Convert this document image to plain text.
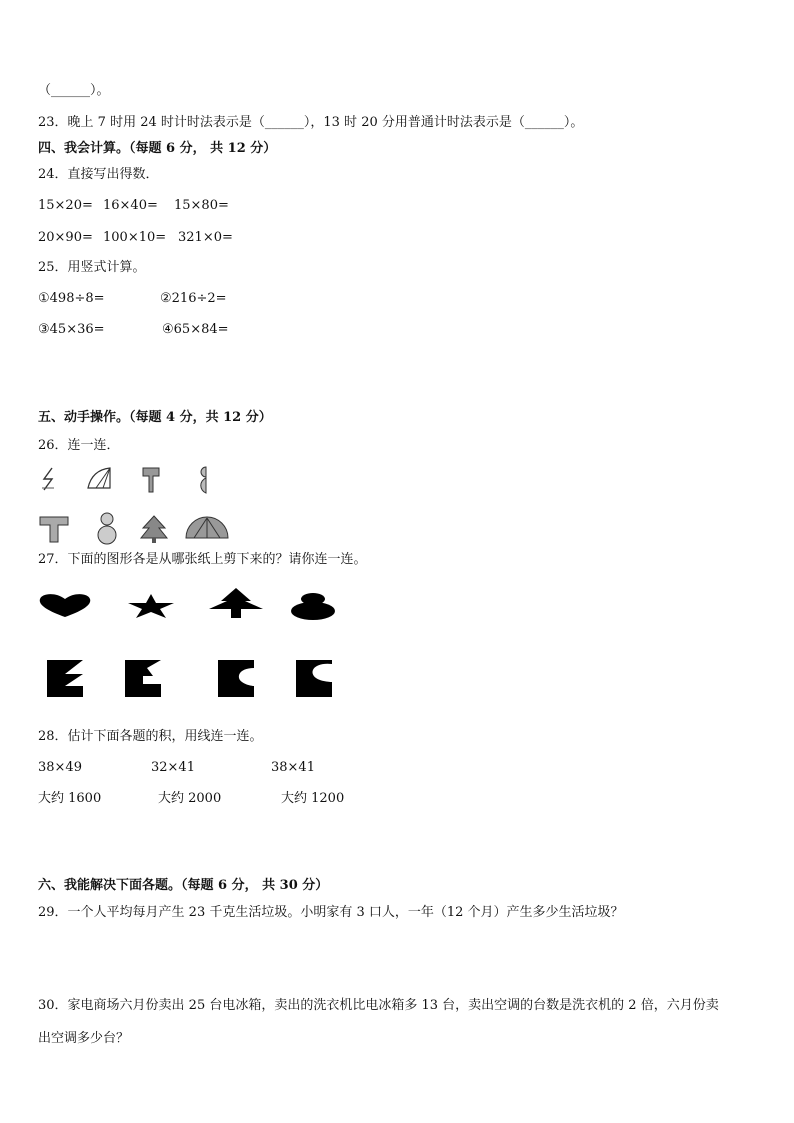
（______）。
23．晚上 7 时用 24 时计时法表示是（______），13 时 20 分用普通计时法表示是（______）。
四、我会计算。（每题 6 分， 共 12 分）
24．直接写出得数．
15×20= 16×40= 15×80=
20×90= 100×10= 321×0=
25．用竖式计算。
①498÷8=	②216÷2=
③45×36=	④65×84=
五、动手操作。（每题 4 分，共 12 分）
26．连一连．
27．下面的图形各是从哪张纸上剪下来的？请你连一连。
28．估计下面各题的积，用线连一连。
38×49	32×41	38×41
大约 1600	大约 2000	大约 1200
六、我能解决下面各题。（每题 6 分， 共 30 分）
29．一个人平均每月产生 23 千克生活垃圾。小明家有 3 口人，一年（12 个月）产生多少生活垃圾？
30．家电商场六月份卖出 25 台电冰箱，卖出的洗衣机比电冰箱多 13 台，卖出空调的台数是洗衣机的 2 倍，六月份卖
出空调多少台？
